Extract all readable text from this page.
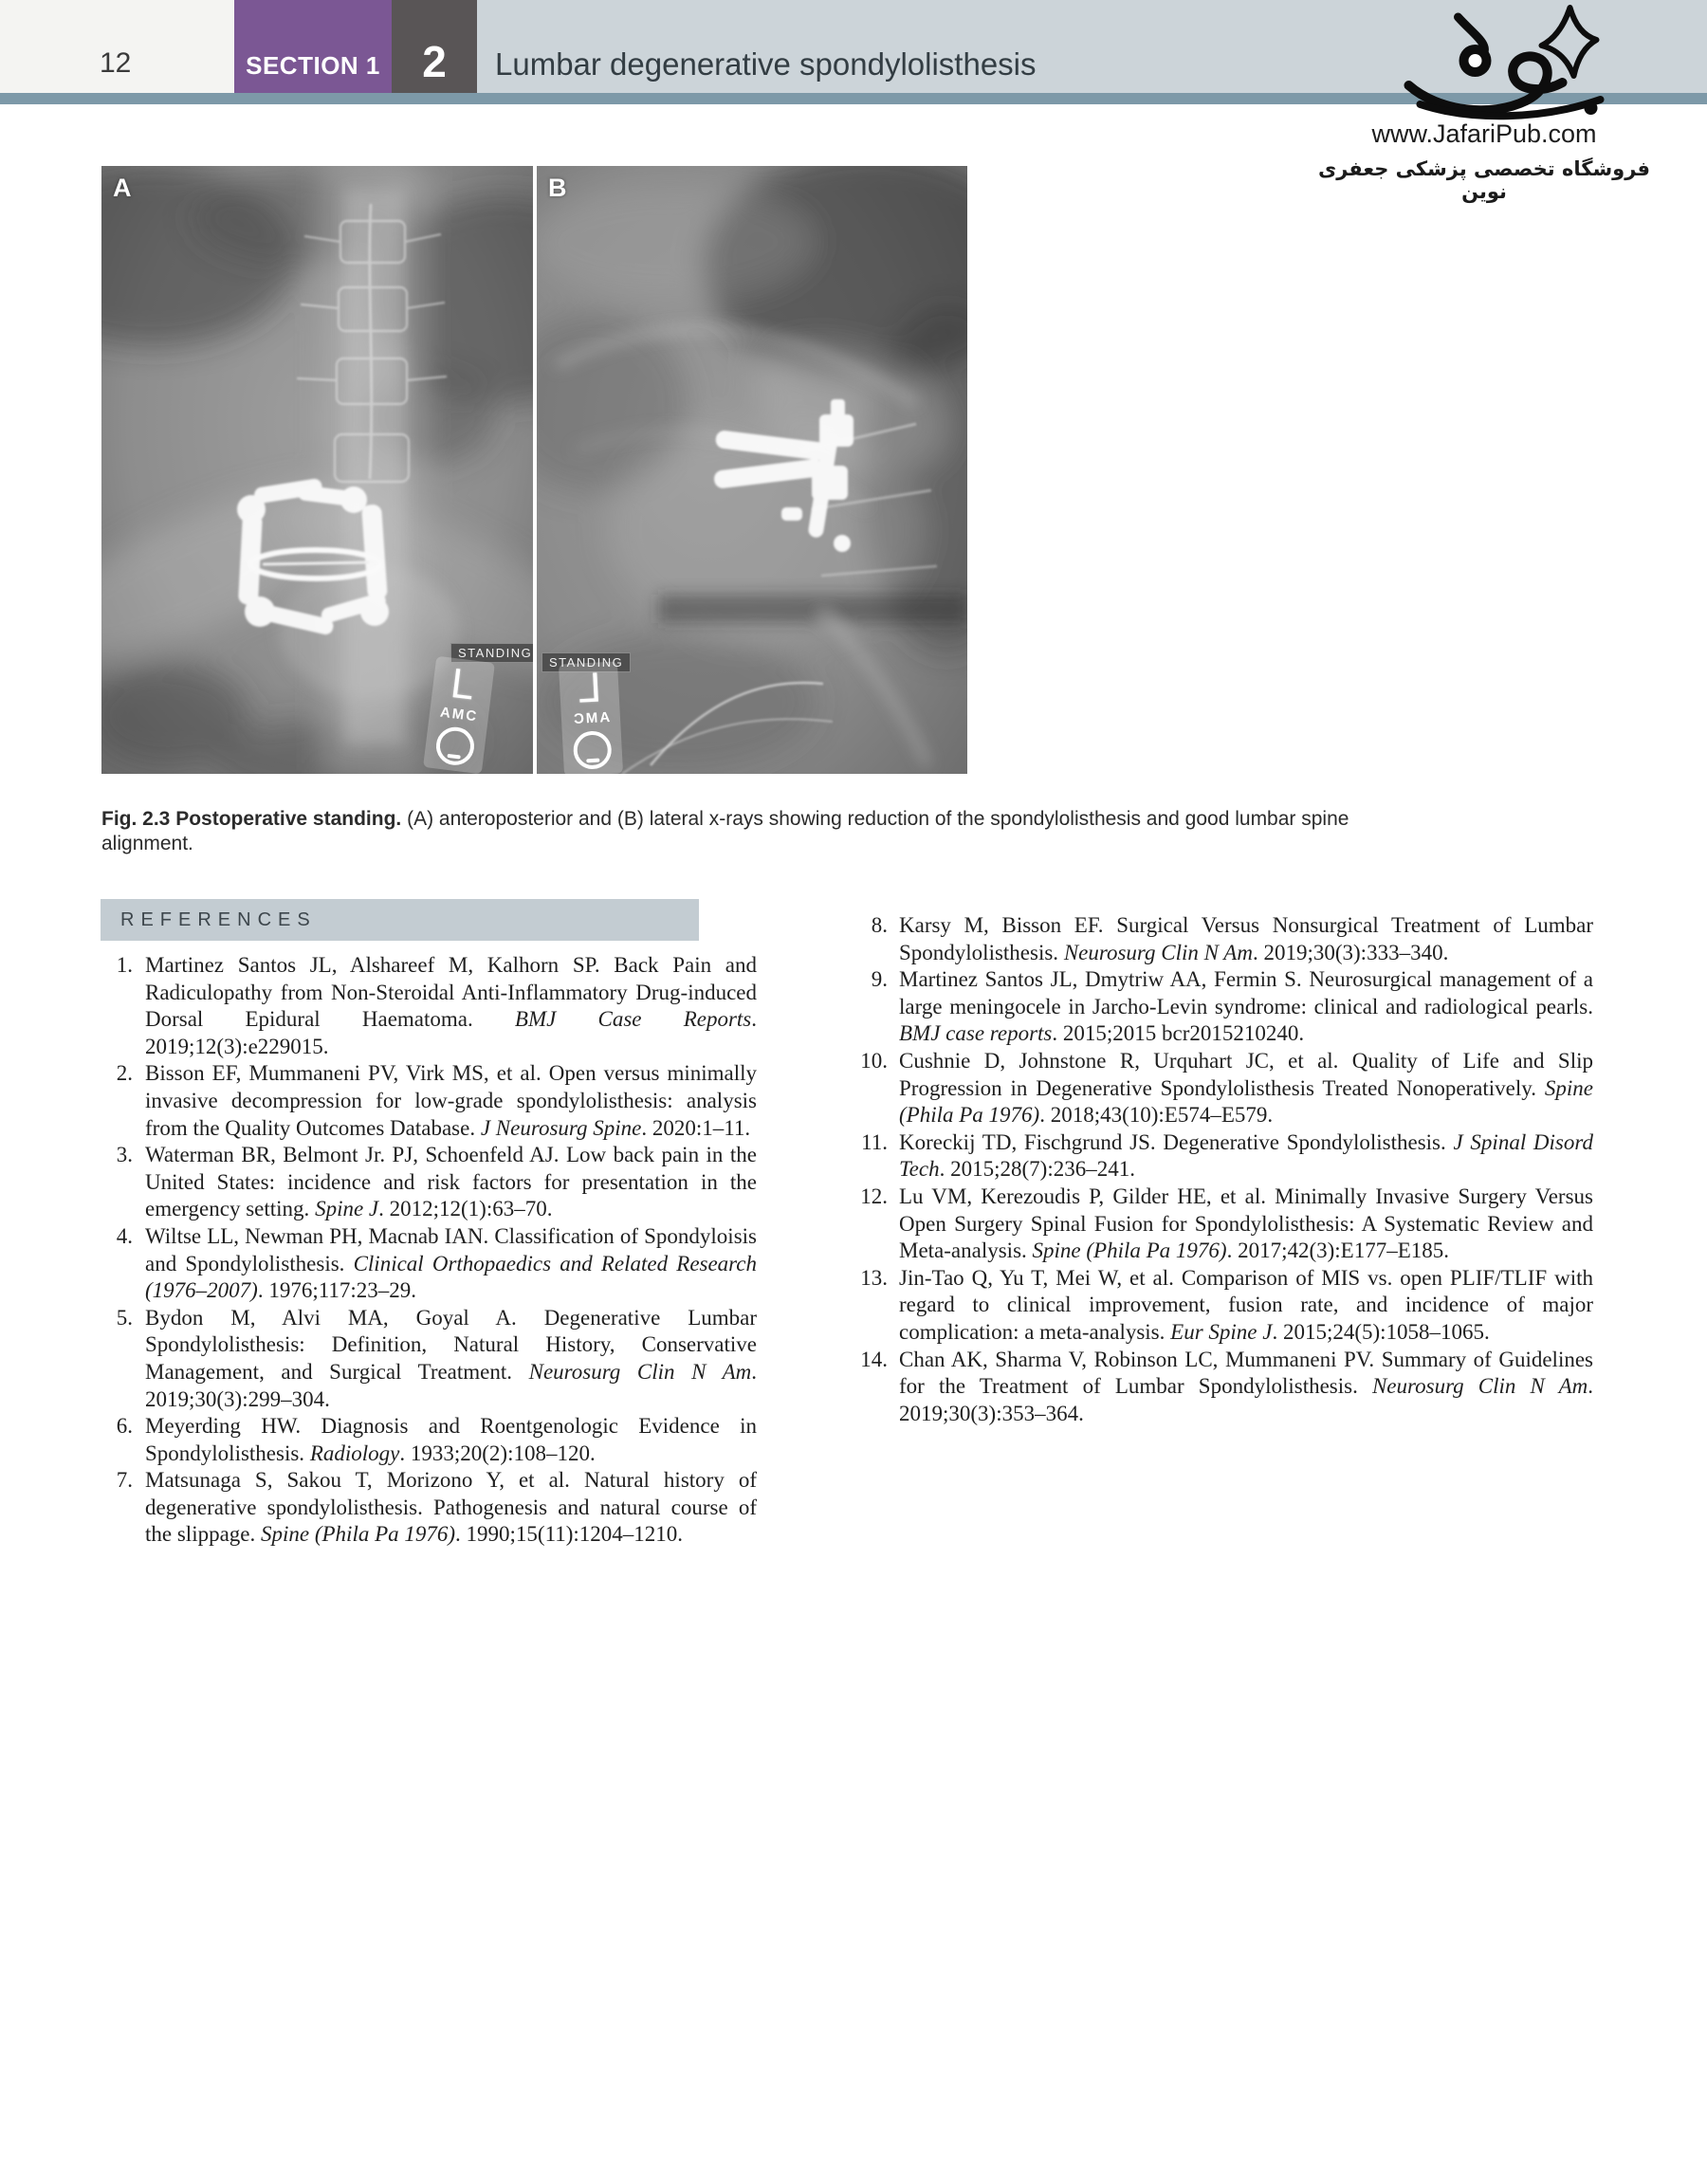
12	SECTION 1 2 Lumbar degenerative spondylolisthesis
www.JafariPub.com
فروشگاه تخصصی پزشکی جعفری نوین
A
STANDING
L
AMC
B
STANDING
L
AMC
Fig. 2.3 Postoperative standing. (A) anteroposterior and (B) lateral x-rays showing reduction of the spondylolisthesis and good lumbar spine alignment.
REFERENCES
1. Martinez Santos JL, Alshareef M, Kalhorn SP. Back Pain and Radiculopathy from Non-Steroidal Anti-Inflammatory Drug-induced Dorsal Epidural Haematoma. BMJ Case Reports. 2019;12(3):e229015.
2. Bisson EF, Mummaneni PV, Virk MS, et al. Open versus minimally invasive decompression for low-grade spondylolisthesis: analysis from the Quality Outcomes Database. J Neurosurg Spine. 2020:1–11.
3. Waterman BR, Belmont Jr. PJ, Schoenfeld AJ. Low back pain in the United States: incidence and risk factors for presentation in the emergency setting. Spine J. 2012;12(1):63–70.
4. Wiltse LL, Newman PH, Macnab IAN. Classification of Spondyloisis and Spondylolisthesis. Clinical Orthopaedics and Related Research (1976–2007). 1976;117:23–29.
5. Bydon M, Alvi MA, Goyal A. Degenerative Lumbar Spondylolisthesis: Definition, Natural History, Conservative Management, and Surgical Treatment. Neurosurg Clin N Am. 2019;30(3):299–304.
6. Meyerding HW. Diagnosis and Roentgenologic Evidence in Spondylolisthesis. Radiology. 1933;20(2):108–120.
7. Matsunaga S, Sakou T, Morizono Y, et al. Natural history of degenerative spondylolisthesis. Pathogenesis and natural course of the slippage. Spine (Phila Pa 1976). 1990;15(11):1204–1210.
8. Karsy M, Bisson EF. Surgical Versus Nonsurgical Treatment of Lumbar Spondylolisthesis. Neurosurg Clin N Am. 2019;30(3):333–340.
9. Martinez Santos JL, Dmytriw AA, Fermin S. Neurosurgical management of a large meningocele in Jarcho-Levin syndrome: clinical and radiological pearls. BMJ case reports. 2015;2015 bcr2015210240.
10. Cushnie D, Johnstone R, Urquhart JC, et al. Quality of Life and Slip Progression in Degenerative Spondylolisthesis Treated Nonoperatively. Spine (Phila Pa 1976). 2018;43(10):E574–E579.
11. Koreckij TD, Fischgrund JS. Degenerative Spondylolisthesis. J Spinal Disord Tech. 2015;28(7):236–241.
12. Lu VM, Kerezoudis P, Gilder HE, et al. Minimally Invasive Surgery Versus Open Surgery Spinal Fusion for Spondylolisthesis: A Systematic Review and Meta-analysis. Spine (Phila Pa 1976). 2017;42(3):E177–E185.
13. Jin-Tao Q, Yu T, Mei W, et al. Comparison of MIS vs. open PLIF/TLIF with regard to clinical improvement, fusion rate, and incidence of major complication: a meta-analysis. Eur Spine J. 2015;24(5):1058–1065.
14. Chan AK, Sharma V, Robinson LC, Mummaneni PV. Summary of Guidelines for the Treatment of Lumbar Spondylolisthesis. Neurosurg Clin N Am. 2019;30(3):353–364.
